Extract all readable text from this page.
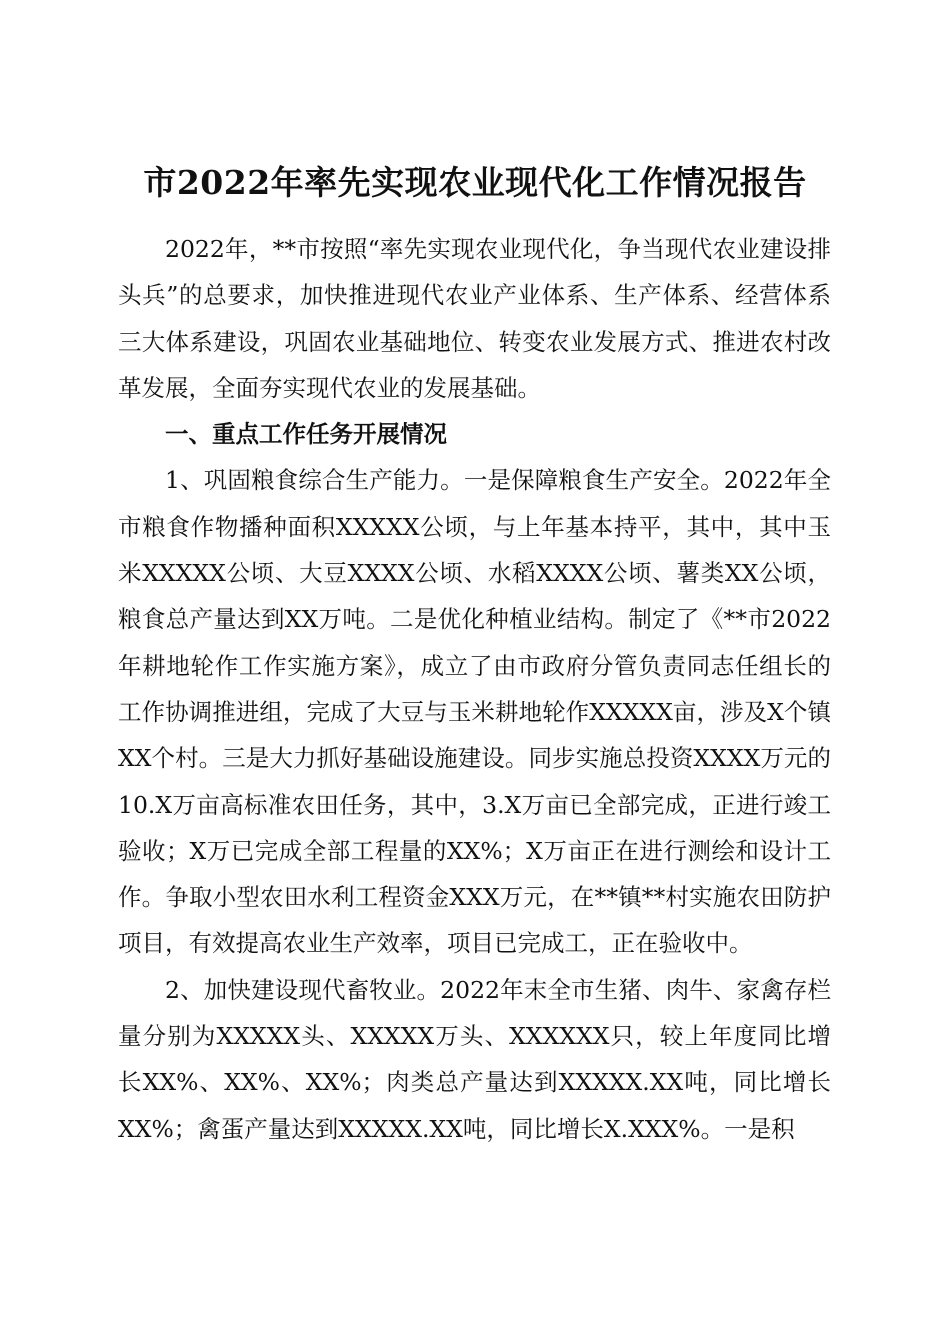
市2022年率先实现农业现代化工作情况报告

2022年，**市按照“率先实现农业现代化，争当现代农业建设排头兵”的总要求，加快推进现代农业产业体系、生产体系、经营体系三大体系建设，巩固农业基础地位、转变农业发展方式、推进农村改革发展，全面夯实现代农业的发展基础。

一、重点工作任务开展情况

1、巩固粮食综合生产能力。一是保障粮食生产安全。2022年全市粮食作物播种面积XXXXX公顷，与上年基本持平，其中，其中玉米XXXXX公顷、大豆XXXX公顷、水稻XXXX公顷、薯类XX公顷，粮食总产量达到XX万吨。二是优化种植业结构。制定了《**市2022年耕地轮作工作实施方案》，成立了由市政府分管负责同志任组长的工作协调推进组，完成了大豆与玉米耕地轮作XXXXX亩，涉及X个镇XX个村。三是大力抓好基础设施建设。同步实施总投资XXXX万元的10.X万亩高标准农田任务，其中，3.X万亩已全部完成，正进行竣工验收；X万已完成全部工程量的XX%；X万亩正在进行测绘和设计工作。争取小型农田水利工程资金XXX万元，在**镇**村实施农田防护项目，有效提高农业生产效率，项目已完成工，正在验收中。

2、加快建设现代畜牧业。2022年末全市生猪、肉牛、家禽存栏量分别为XXXXX头、XXXXX万头、XXXXXX只，较上年度同比增长XX%、XX%、XX%；肉类总产量达到XXXXX.XX吨，同比增长XX%；禽蛋产量达到XXXXX.XX吨，同比增长X.XXX%。一是积
